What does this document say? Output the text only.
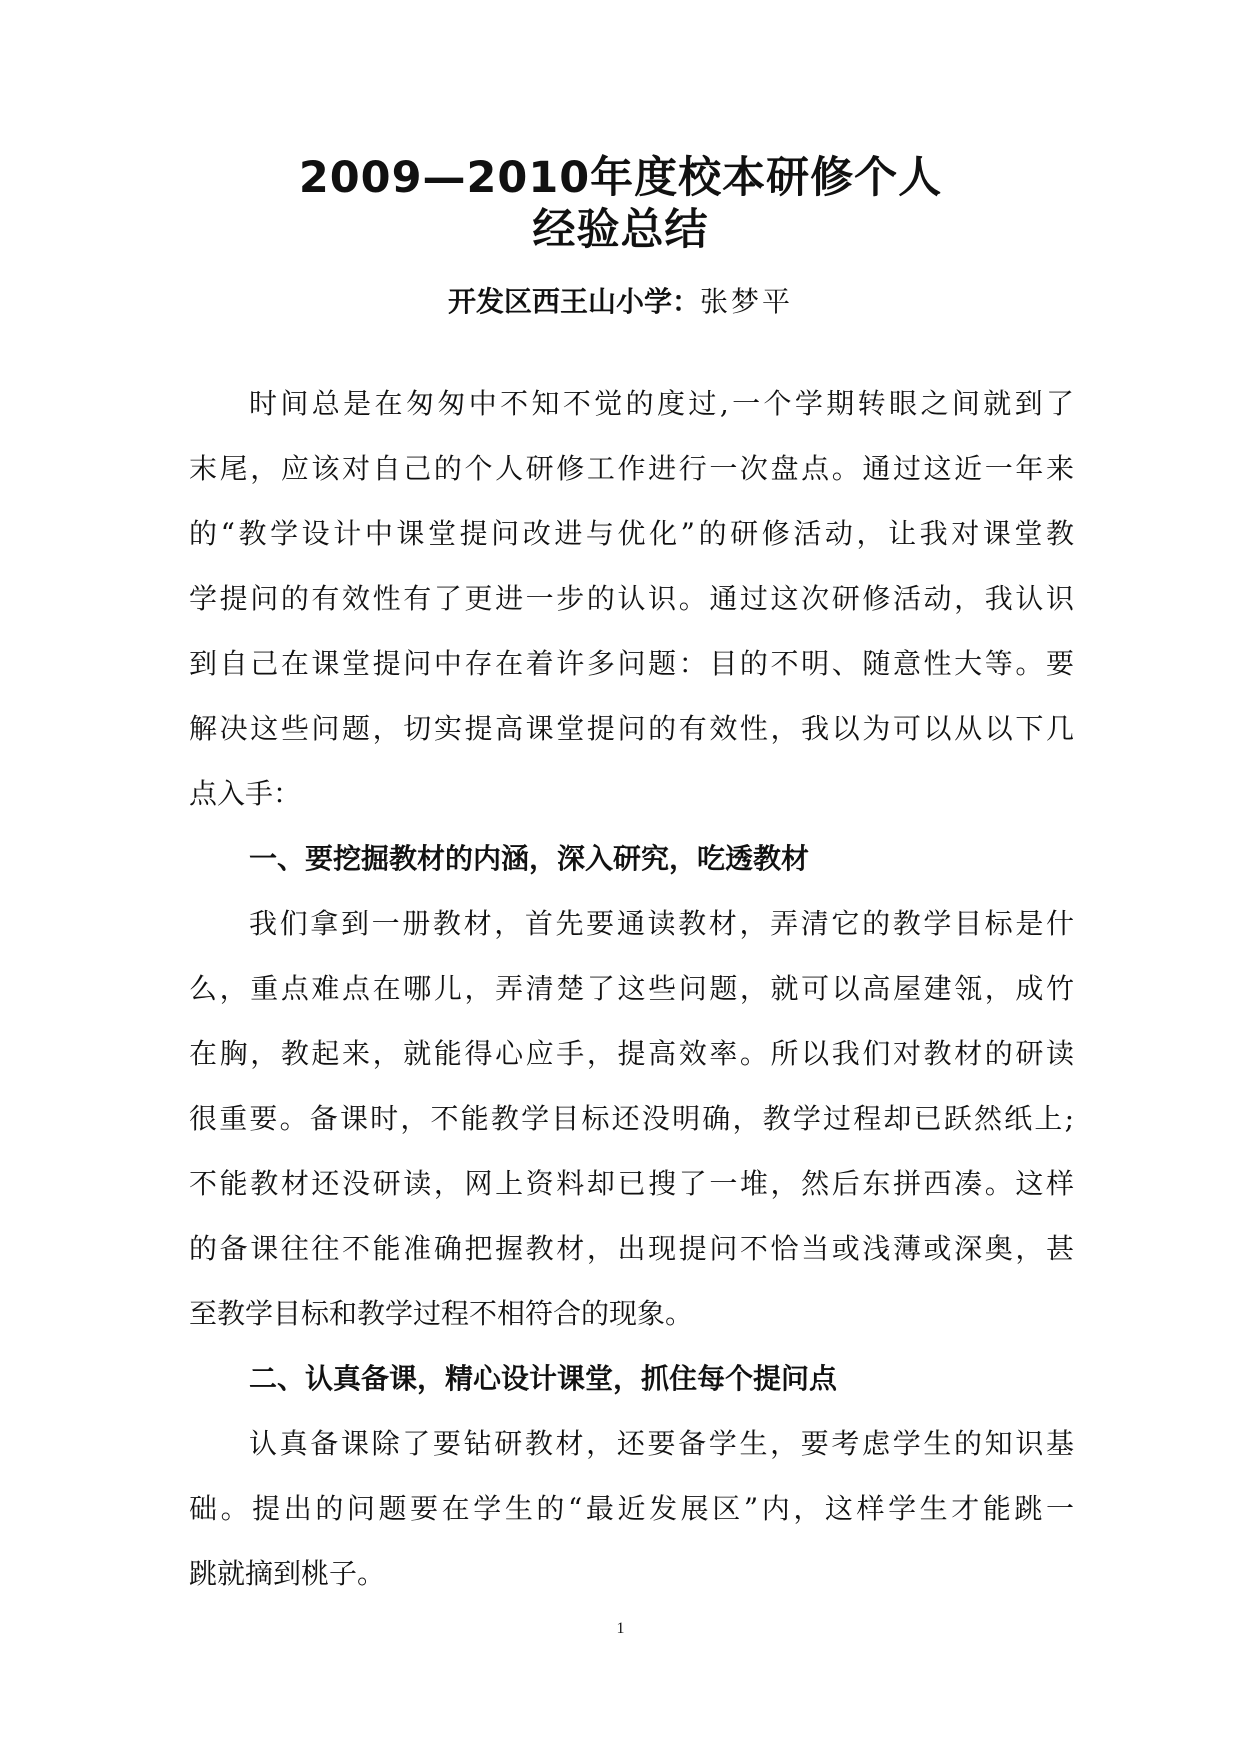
2009—2010年度校本研修个人
经验总结
开发区西王山小学：张梦平
时间总是在匆匆中不知不觉的度过,一个学期转眼之间就到了
末尾，应该对自己的个人研修工作进行一次盘点。通过这近一年来
的“教学设计中课堂提问改进与优化”的研修活动，让我对课堂教
学提问的有效性有了更进一步的认识。通过这次研修活动，我认识
到自己在课堂提问中存在着许多问题：目的不明、随意性大等。要
解决这些问题，切实提高课堂提问的有效性，我以为可以从以下几
点入手：
一、要挖掘教材的内涵，深入研究，吃透教材
我们拿到一册教材，首先要通读教材，弄清它的教学目标是什
么，重点难点在哪儿，弄清楚了这些问题，就可以高屋建瓴，成竹
在胸，教起来，就能得心应手，提高效率。所以我们对教材的研读
很重要。备课时，不能教学目标还没明确，教学过程却已跃然纸上;
不能教材还没研读，网上资料却已搜了一堆，然后东拼西凑。这样
的备课往往不能准确把握教材，出现提问不恰当或浅薄或深奥，甚
至教学目标和教学过程不相符合的现象。
二、认真备课，精心设计课堂，抓住每个提问点
认真备课除了要钻研教材，还要备学生，要考虑学生的知识基
础。提出的问题要在学生的“最近发展区”内，这样学生才能跳一
跳就摘到桃子。
1
